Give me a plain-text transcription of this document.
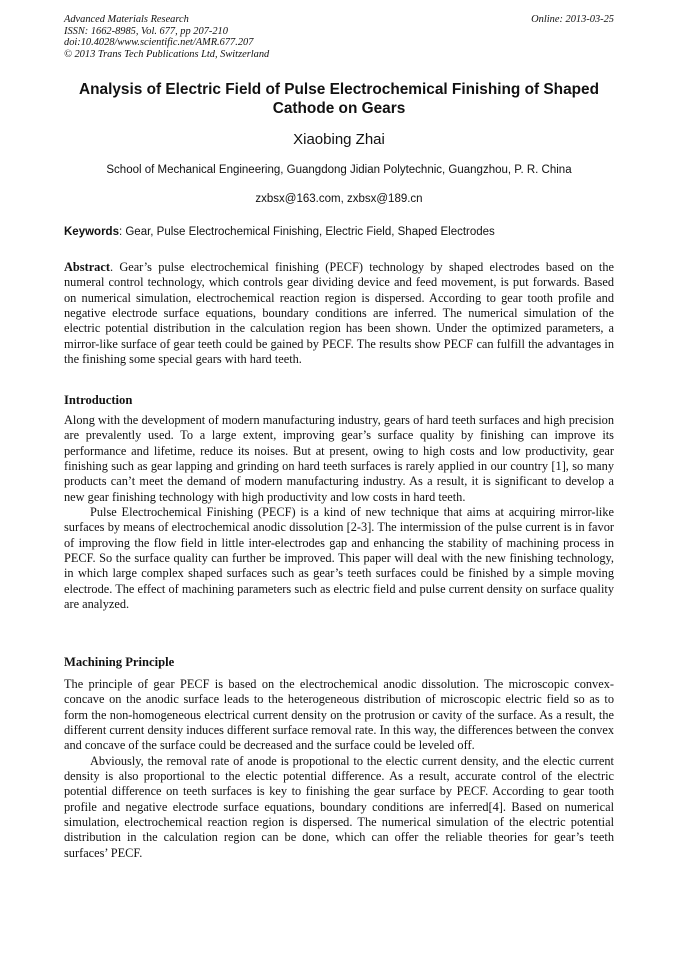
Advanced Materials Research
ISSN: 1662-8985, Vol. 677, pp 207-210
doi:10.4028/www.scientific.net/AMR.677.207
© 2013 Trans Tech Publications Ltd, Switzerland
Online: 2013-03-25
Analysis of Electric Field of Pulse Electrochemical Finishing of Shaped Cathode on Gears
Xiaobing Zhai
School of Mechanical Engineering, Guangdong Jidian Polytechnic, Guangzhou, P. R. China
zxbsx@163.com, zxbsx@189.cn
Keywords: Gear, Pulse Electrochemical Finishing, Electric Field, Shaped Electrodes

Abstract. Gear’s pulse electrochemical finishing (PECF) technology by shaped electrodes based on the numeral control technology, which controls gear dividing device and feed movement, is put forwards. Based on numerical simulation, electrochemical reaction region is dispersed. According to gear tooth profile and negative electrode surface equations, boundary conditions are inferred. The numerical simulation of the electric potential distribution in the calculation region has been shown. Under the optimized parameters, a mirror-like surface of gear teeth could be gained by PECF. The results show PECF can fulfill the advantages in the finishing some special gears with hard teeth.

Introduction

Along with the development of modern manufacturing industry, gears of hard teeth surfaces and high precision are prevalently used. To a large extent, improving gear’s surface quality by finishing can improve its performance and lifetime, reduce its noises. But at present, owing to high costs and low productivity, gear finishing such as gear lapping and grinding on hard teeth surfaces is rarely applied in our country [1], so many products can’t meet the demand of modern manufacturing industry. As a result, it is significant to develop a new gear finishing technology with high productivity and low costs in hard teeth.

Pulse Electrochemical Finishing (PECF) is a kind of new technique that aims at acquiring mirror-like surfaces by means of electrochemical anodic dissolution [2-3]. The intermission of the pulse current is in favor of improving the flow field in little inter-electrodes gap and enhancing the stability of machining process in PECF. So the surface quality can further be improved. This paper will deal with the new finishing technology, in which large complex shaped surfaces such as gear’s teeth surfaces could be finished by a simple moving electrode. The effect of machining parameters such as electric field and pulse current density on surface quality are analyzed.

Machining Principle

The principle of gear PECF is based on the electrochemical anodic dissolution. The microscopic convex-concave on the anodic surface leads to the heterogeneous distribution of microscopic electric field so as to form the non-homogeneous electrical current density on the protrusion or cavity of the surface. As a result, the different current density induces different surface removal rate. In this way, the differences between the convex and concave of the surface could be decreased and the surface could be leveled off.

Abviously, the removal rate of anode is propotional to the electic current density, and the electic current density is also proportional to the electic potential difference. As a result, accurate control of the electric potential difference on teeth surfaces is key to finishing the gear surface by PECF. According to gear tooth profile and negative electrode surface equations, boundary conditions are inferred[4]. Based on numerical simulation, electrochemical reaction region is dispersed. The numerical simulation of the electric potential distribution in the calculation region can be done, which can offer the reliable theories for gear’s teeth surfaces’ PECF.
